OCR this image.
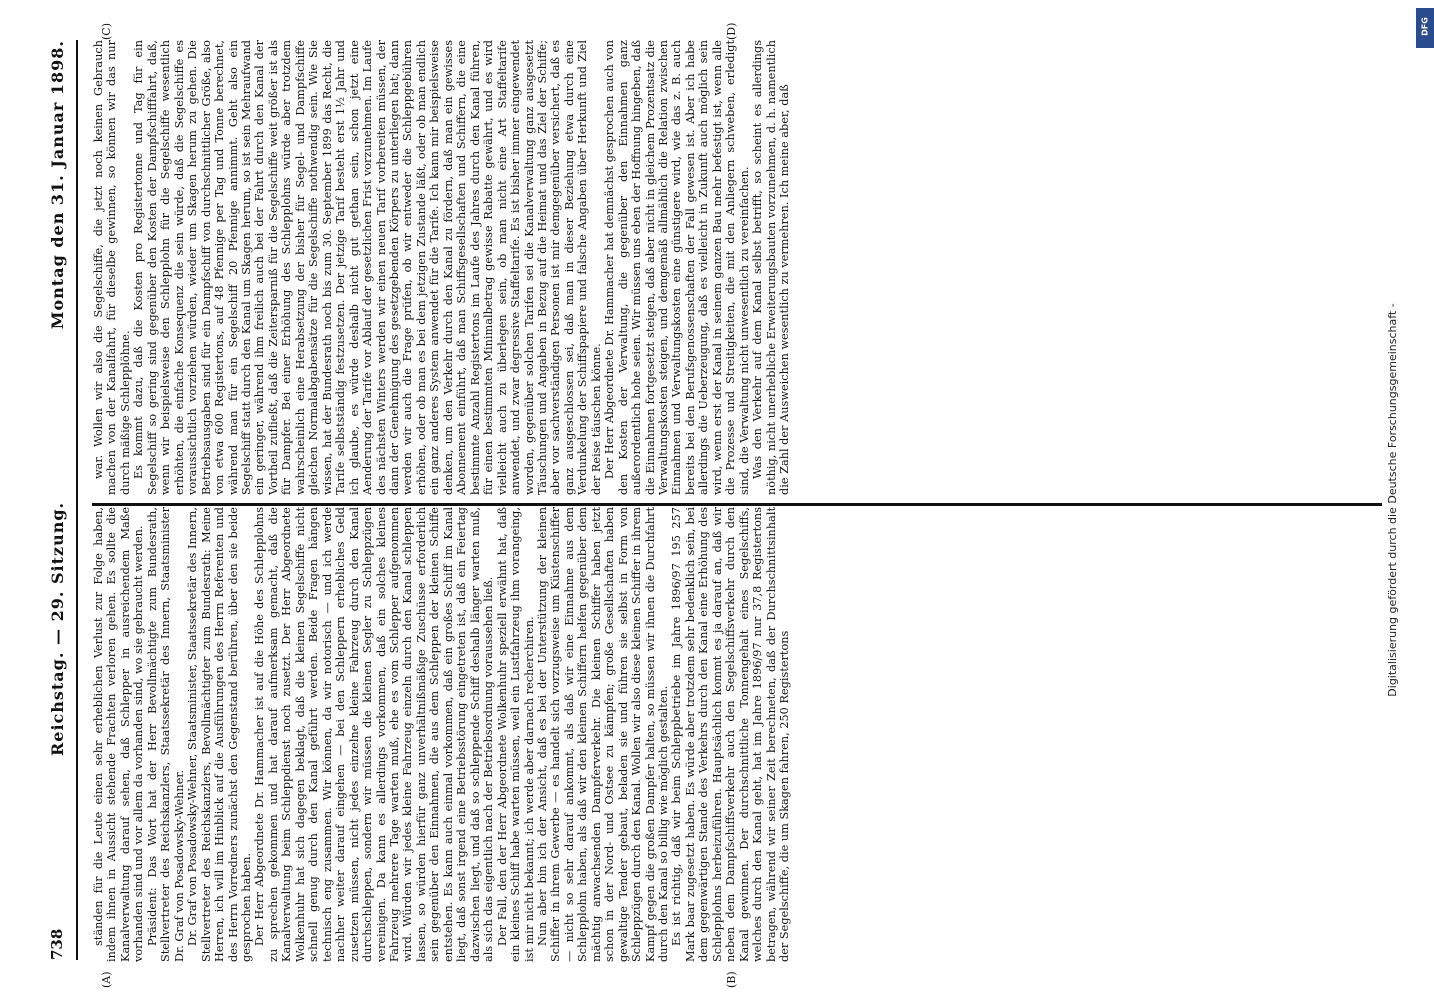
738
Reichstag. — 29. Sitzung.
Montag den 31. Januar 1898.
(A)	(B)
(C)	(D)

ständen für die Leute einen sehr erheblichen Verlust zur Folge haben, indem ihnen in Aussicht stehende Frachten verloren gehen. Es sollte die Kanalverwaltung darauf sehen, daß Schlepper in ausreichendem Maße vorhanden sind und vor allem da vorhanden sind, wo sie gebraucht werden. Präsident: Das Wort hat der Herr Bevollmächtigte zum Bundesrath, Stellvertreter des Reichskanzlers, Staatssekretär des Innern, Staatsminister Dr. Graf von Posadowsky-Wehner. Dr. Graf von Posadowsky-Wehner, Staatsminister, Staatssekretär des Innern, Stellvertreter des Reichskanzlers, Bevollmächtigter zum Bundesrath: Meine Herren, ich will im Hinblick auf die Ausführungen des Herrn Referenten und des Herrn Vorredners zunächst den Gegenstand berühren, über den sie beide gesprochen haben. Der Herr Abgeordnete Dr. Hammacher ist auf die Höhe des Schlepplohns zu sprechen gekommen und hat darauf aufmerksam gemacht, daß die Kanalverwaltung beim Schleppdienst noch zusetzt. Der Herr Abgeordnete Wolkenhuhr hat sich dagegen beklagt, daß die kleinen Segelschiffe nicht schnell genug durch den Kanal geführt werden. Beide Fragen hängen technisch eng zusammen. Wir können, da wir notorisch — und ich werde nachher weiter darauf eingehen — bei den Schleppern erhebliches Geld zusetzen müssen, nicht jedes einzelne kleine Fahrzeug durch den Kanal durchschleppen, sondern wir müssen die kleinen Segler zu Schleppzügen vereinigen. Da kann es allerdings vorkommen, daß ein solches kleines Fahrzeug mehrere Tage warten muß, ehe es vom Schlepper aufgenommen wird. Würden wir jedes kleine Fahrzeug einzeln durch den Kanal schleppen lassen, so würden hierfür ganz unverhältnißmäßige Zuschüsse erforderlich sein gegenüber den Einnahmen, die aus dem Schleppen der kleinen Schiffe entstehen. Es kann auch einmal vorkommen, daß ein großes Schiff im Kanal liegt, daß sonst irgend eine Betriebsstörung eingetreten ist, daß ein Feiertag dazwischen liegt, und daß so schleppende Schiff deshalb länger warten muß, als sich das eigentlich nach der Betriebsordnung voraussehen ließ. Der Fall, den der Herr Abgeordnete Wolkenhuhr speziell erwähnt hat, daß ein kleines Schiff habe warten müssen, weil ein Lustfahrzeug ihm vorangeing, ist mir nicht bekannt; ich werde aber darnach recherchiren. Nun aber bin ich der Ansicht, daß es bei der Unterstützung der kleinen Schiffer in ihrem Gewerbe — es handelt sich vorzugsweise um Küstenschiffer — nicht so sehr darauf ankommt, als daß wir eine Einnahme aus dem Schlepplohn haben, als daß wir den kleinen Schiffern helfen gegenüber dem mächtig anwachsenden Dampferverkehr. Die kleinen Schiffer haben jetzt schon in der Nord- und Ostsee zu kämpfen; große Gesellschaften haben gewaltige Tender gebaut, beladen sie und führen sie selbst in Form von Schleppzügen durch den Kanal. Wollen wir also diese kleinen Schiffer in ihrem Kampf gegen die großen Dampfer halten, so müssen wir ihnen die Durchfahrt durch den Kanal so billig wie möglich gestalten. Es ist richtig, daß wir beim Schleppbetriebe im Jahre 1896/97 195 257 Mark baar zugesetzt haben. Es würde aber trotzdem sehr bedenklich sein, bei dem gegenwärtigen Stande des Verkehrs durch den Kanal eine Erhöhung des Schlepplohns herbeizuführen. Hauptsächlich kommt es ja darauf an, daß wir neben dem Dampfschiffsverkehr auch den Segelschiffsverkehr durch den Kanal gewinnen. Der durchschnittliche Tonnengehalt eines Segelschiffs, welches durch den Kanal geht, hat im Jahre 1896/97 nur 37,8 Registertons betragen, während wir seiner Zeit berechneten, daß der Durchschnittsinhalt der Segelschiffe, die um Skagen fahren, 250 Registertons

war. Wollen wir also die Segelschiffe, die jetzt noch keinen Gebrauch machen von der Kanalfahrt, für dieselbe gewinnen, so können wir das nur durch mäßige Schlepplöhne. Es kommt dazu, daß die Kosten pro Registertonne und Tag für ein Segelschiff so gering sind gegenüber den Kosten der Dampfschifffahrt, daß, wenn wir beispielsweise den Schlepplohn für die Segelschiffe wesentlich erhöhten, die einfache Konsequenz die sein würde, daß die Segelschiffe es voraussichtlich vorziehen würden, wieder um Skagen herum zu gehen. Die Betriebsausgaben sind für ein Dampfschiff von durchschnittlicher Größe, also von etwa 600 Registertons, auf 48 Pfennige per Tag und Tonne berechnet, während man für ein Segelschiff 20 Pfennige annimmt. Geht also ein Segelschiff statt durch den Kanal um Skagen herum, so ist sein Mehraufwand ein geringer, während ihm freilich auch bei der Fahrt durch den Kanal der Vortheil zufließt, daß die Zeitersparniß für die Segelschiffe weit größer ist als für Dampfer. Bei einer Erhöhung des Schlepplohns würde aber trotzdem wahrscheinlich eine Herabsetzung der bisher für Segel- und Dampfschiffe gleichen Normalabgabensätze für die Segelschiffe nothwendig sein. Wie Sie wissen, hat der Bundesrath noch bis zum 30. September 1899 das Recht, die Tarife selbstständig festzusetzen. Der jetzige Tarif besteht erst 1½ Jahr und ich glaube, es würde deshalb nicht gut gethan sein, schon jetzt eine Aenderung der Tarife vor Ablauf der gesetzlichen Frist vorzunehmen. Im Laufe des nächsten Winters werden wir einen neuen Tarif vorbereiten müssen, der dann der Genehmigung des gesetzgebenden Körpers zu unterliegen hat; dann werden wir auch die Frage prüfen, ob wir entweder die Schleppgebühren erhöhen, oder ob man es bei dem jetzigen Zustande läßt, oder ob man endlich ein ganz anderes System anwendet für die Tarife. Ich kann mir beispielsweise denken, um den Verkehr durch den Kanal zu fördern, daß man ein gewisses Abonnement einführt, daß man Schiffsgesellschaften und Schiffern, die eine bestimmte Anzahl Registertons im Laufe des Jahres durch den Kanal führen, für einen bestimmten Minimalbetrag gewisse Rabatte gewährt, und es wird vielleicht auch zu überlegen sein, ob man nicht eine Art Staffeltarife anwendet, und zwar degressive Staffeltarife. Es ist bisher immer eingewendet worden, gegenüber solchen Tarifen sei die Kanalverwaltung ganz ausgesetzt Täuschungen und Angaben in Bezug auf die Heimat und das Ziel der Schiffe; aber vor sachverständigen Personen ist mir demgegenüber versichert, daß es ganz ausgeschlossen sei, daß man in dieser Beziehung etwa durch eine Verdunkelung der Schiffspapiere und falsche Angaben über Herkunft und Ziel der Reise täuschen könne. Der Herr Abgeordnete Dr. Hammacher hat demnächst gesprochen auch von den Kosten der Verwaltung, die gegenüber den Einnahmen ganz außerordentlich hohe seien. Wir müssen uns eben der Hoffnung hingeben, daß die Einnahmen fortgesetzt steigen, daß aber nicht in gleichem Prozentsatz die Verwaltungskosten steigen, und demgemäß allmählich die Relation zwischen Einnahmen und Verwaltungskosten eine günstigere wird, wie das z. B. auch bereits bei den Berufsgenossenschaften der Fall gewesen ist. Aber ich habe allerdings die Ueberzeugung, daß es vielleicht in Zukunft auch möglich sein wird, wenn erst der Kanal in seinem ganzen Bau mehr befestigt ist, wenn alle die Prozesse und Streitigkeiten, die mit den Anliegern schweben, erledigt sind, die Verwaltung nicht unwesentlich zu vereinfachen. Was den Verkehr auf dem Kanal selbst betrifft, so scheint es allerdings nöthig, nicht unerhebliche Erweiterungsbauten vorzunehmen, d. h. namentlich die Zahl der Ausweichen wesentlich zu vermehren. Ich meine aber, daß

Digitalisierung gefördert durch die Deutsche Forschungsgemeinschaft -
DFG
